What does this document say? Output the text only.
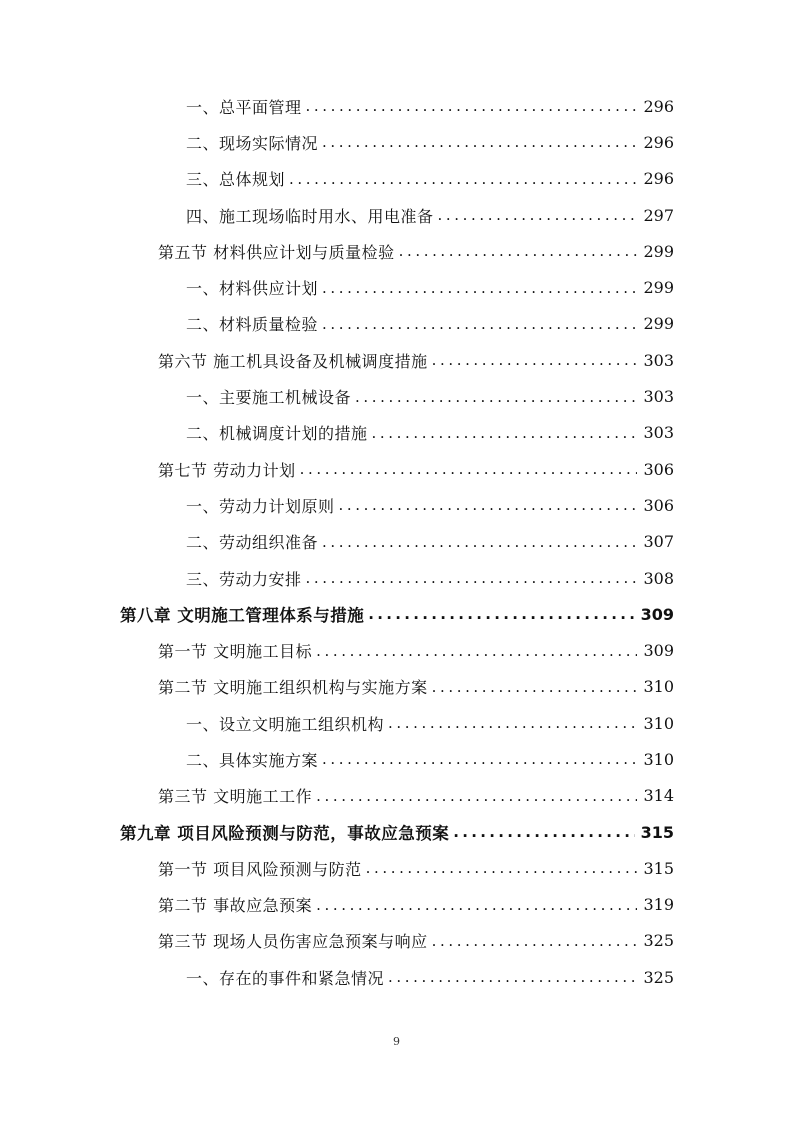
一、总平面管理 .....	296
二、现场实际情况 .....	296
三、总体规划 .....	296
四、施工现场临时用水、用电准备 .....	297
第五节 材料供应计划与质量检验 .....	299
一、材料供应计划 .....	299
二、材料质量检验 .....	299
第六节 施工机具设备及机械调度措施 .....	303
一、主要施工机械设备 .....	303
二、机械调度计划的措施 .....	303
第七节 劳动力计划 .....	306
一、劳动力计划原则 .....	306
二、劳动组织准备 .....	307
三、劳动力安排 .....	308
第八章 文明施工管理体系与措施 .....	309
第一节 文明施工目标 .....	309
第二节 文明施工组织机构与实施方案 .....	310
一、设立文明施工组织机构 .....	310
二、具体实施方案 .....	310
第三节 文明施工工作 .....	314
第九章 项目风险预测与防范，事故应急预案 .....	315
第一节 项目风险预测与防范 .....	315
第二节 事故应急预案 .....	319
第三节 现场人员伤害应急预案与响应 .....	325
一、存在的事件和紧急情况 .....	325
9
